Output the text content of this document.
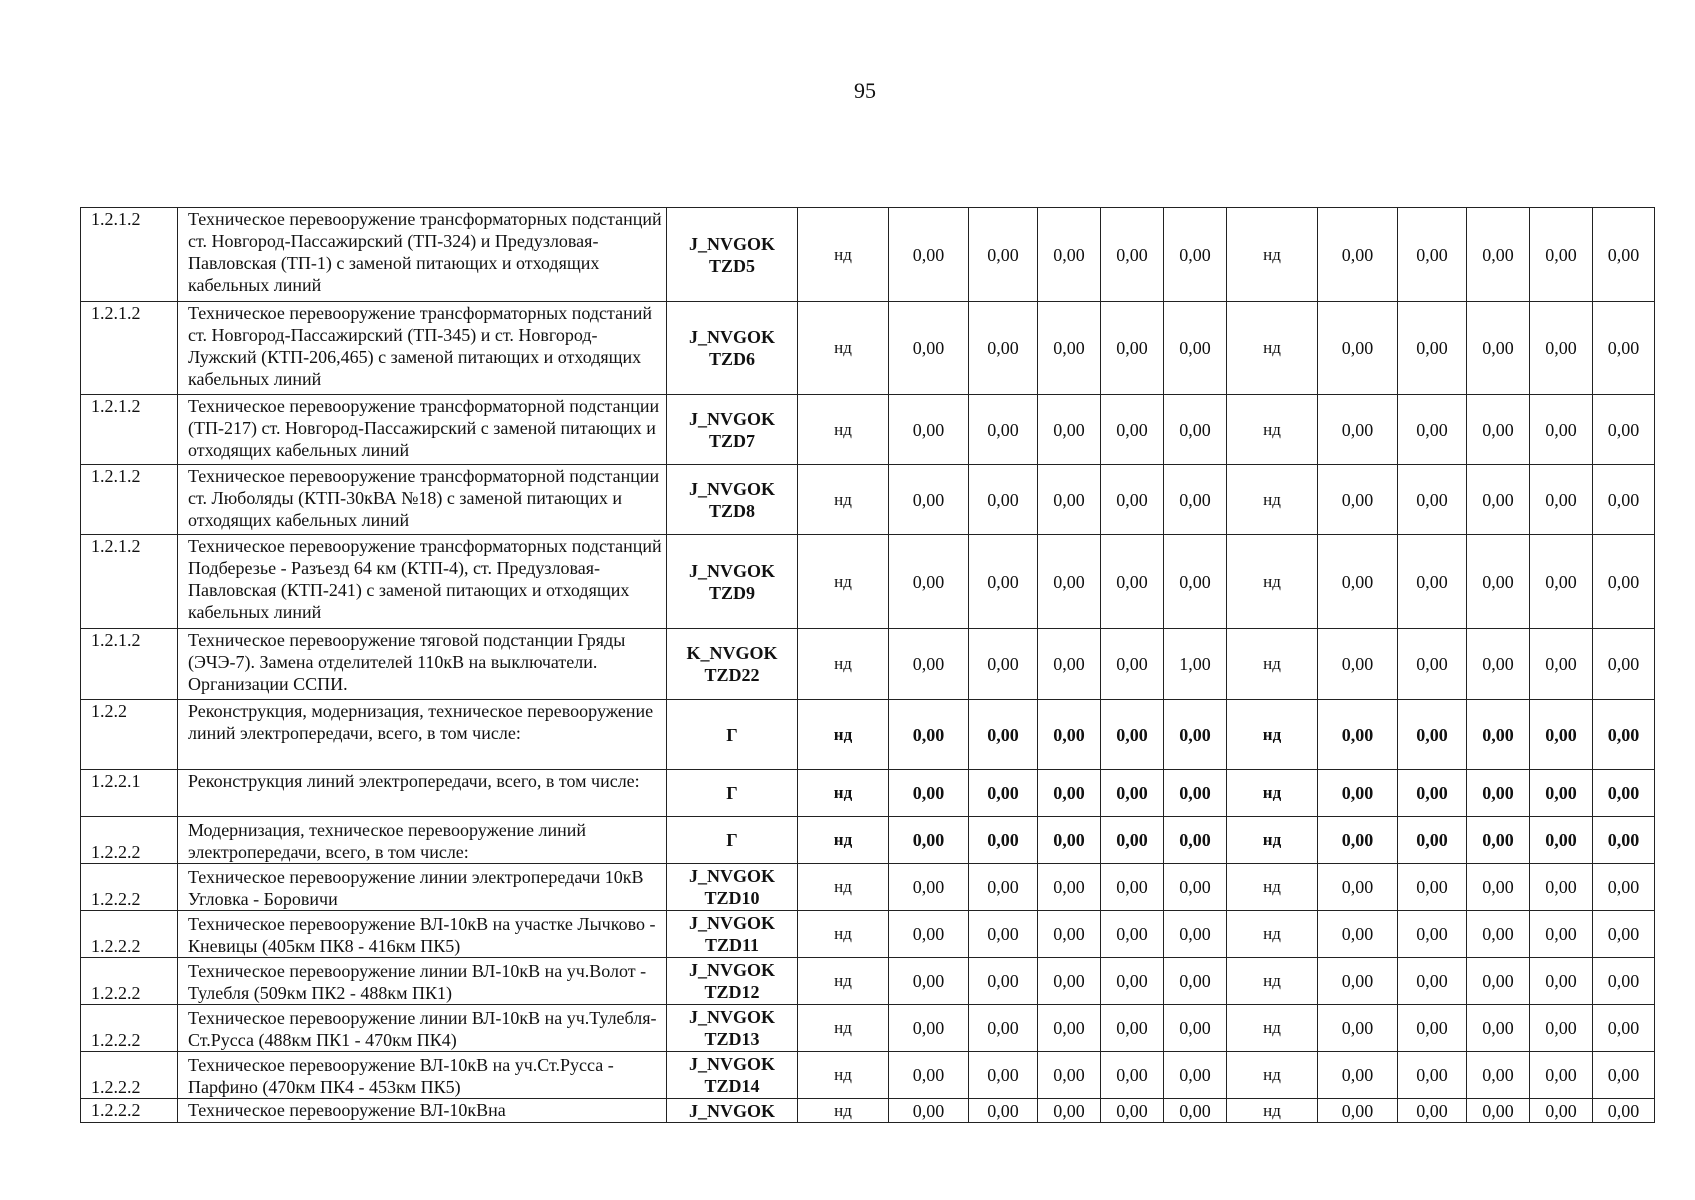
95
1.2.1.2	Техническое перевооружение трансформаторных подстанций ст. Новгород-Пассажирский (ТП-324) и Предузловая-Павловская (ТП-1) с заменой питающих и отходящих кабельных линий	J_NVGOK TZD5	нд	0,00	0,00	0,00	0,00	0,00	нд	0,00	0,00	0,00	0,00	0,00
1.2.1.2	Техническое перевооружение трансформаторных подстаний ст. Новгород-Пассажирский (ТП-345) и ст. Новгород-Лужский (КТП-206,465) с заменой питающих и отходящих кабельных линий	J_NVGOK TZD6	нд	0,00	0,00	0,00	0,00	0,00	нд	0,00	0,00	0,00	0,00	0,00
1.2.1.2	Техническое перевооружение трансформаторной подстанции (ТП-217) ст. Новгород-Пассажирский с заменой питающих и отходящих кабельных линий	J_NVGOK TZD7	нд	0,00	0,00	0,00	0,00	0,00	нд	0,00	0,00	0,00	0,00	0,00
1.2.1.2	Техническое перевооружение трансформаторной подстанции ст. Люболяды (КТП-30кВА №18) с заменой питающих и отходящих кабельных линий	J_NVGOK TZD8	нд	0,00	0,00	0,00	0,00	0,00	нд	0,00	0,00	0,00	0,00	0,00
1.2.1.2	Техническое перевооружение трансформаторных подстанций Подберезье - Разъезд 64 км (КТП-4), ст. Предузловая-Павловская (КТП-241) с заменой питающих и отходящих кабельных линий	J_NVGOK TZD9	нд	0,00	0,00	0,00	0,00	0,00	нд	0,00	0,00	0,00	0,00	0,00
1.2.1.2	Техническое перевооружение тяговой подстанции Гряды (ЭЧЭ-7). Замена отделителей 110кВ на выключатели. Организации ССПИ.	K_NVGOK TZD22	нд	0,00	0,00	0,00	0,00	1,00	нд	0,00	0,00	0,00	0,00	0,00
1.2.2	Реконструкция, модернизация, техническое перевооружение линий электропередачи, всего, в том числе:	Г	нд	0,00	0,00	0,00	0,00	0,00	нд	0,00	0,00	0,00	0,00	0,00
1.2.2.1	Реконструкция линий электропередачи, всего, в том числе:	Г	нд	0,00	0,00	0,00	0,00	0,00	нд	0,00	0,00	0,00	0,00	0,00
1.2.2.2	Модернизация, техническое перевооружение линий электропередачи, всего, в том числе:	Г	нд	0,00	0,00	0,00	0,00	0,00	нд	0,00	0,00	0,00	0,00	0,00
1.2.2.2	Техническое перевооружение линии электропередачи 10кВ Угловка - Боровичи	J_NVGOK TZD10	нд	0,00	0,00	0,00	0,00	0,00	нд	0,00	0,00	0,00	0,00	0,00
1.2.2.2	Техническое перевооружение ВЛ-10кВ на участке Лычково - Кневицы (405км ПК8 - 416км ПК5)	J_NVGOK TZD11	нд	0,00	0,00	0,00	0,00	0,00	нд	0,00	0,00	0,00	0,00	0,00
1.2.2.2	Техническое перевооружение линии ВЛ-10кВ на уч.Волот - Тулебля (509км ПК2 - 488км ПК1)	J_NVGOK TZD12	нд	0,00	0,00	0,00	0,00	0,00	нд	0,00	0,00	0,00	0,00	0,00
1.2.2.2	Техническое перевооружение линии ВЛ-10кВ на уч.Тулебля- Ст.Русса (488км ПК1 - 470км ПК4)	J_NVGOK TZD13	нд	0,00	0,00	0,00	0,00	0,00	нд	0,00	0,00	0,00	0,00	0,00
1.2.2.2	Техническое перевооружение ВЛ-10кВ на уч.Ст.Русса - Парфино (470км ПК4 - 453км ПК5)	J_NVGOK TZD14	нд	0,00	0,00	0,00	0,00	0,00	нд	0,00	0,00	0,00	0,00	0,00
1.2.2.2	Техническое перевооружение ВЛ-10кВна	J_NVGOK	нд	0,00	0,00	0,00	0,00	0,00	нд	0,00	0,00	0,00	0,00	0,00
